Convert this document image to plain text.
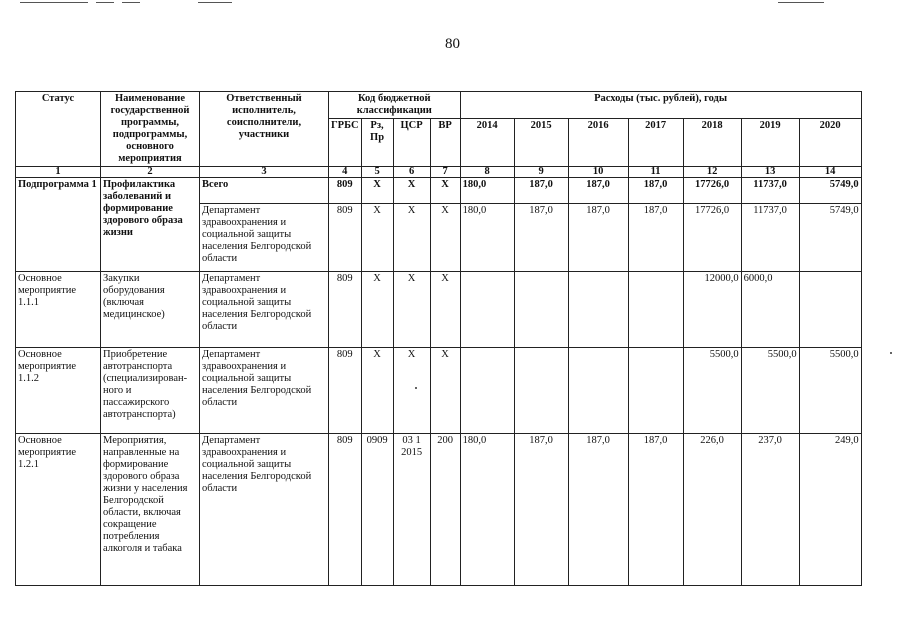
80
Статус	Наименование государственной программы, подпрограммы, основного мероприятия	Ответственный исполнитель, соисполнители, участники	Код бюджетной классификации				Расходы (тыс. рублей), годы						
			ГРБС	Рз, Пр	ЦСР	ВР	2014	2015	2016	2017	2018	2019	2020
1	2	3	4	5	6	7	8	9	10	11	12	13	14
Подпрограмма 1	Профилактика заболеваний и формирование здорового образа жизни	Всего	809	Х	Х	Х	180,0	187,0	187,0	187,0	17726,0	11737,0	5749,0
		Департамент здравоохранения и социальной защиты населения Белгородской области	809	Х	Х	Х	180,0	187,0	187,0	187,0	17726,0	11737,0	5749,0
Основное мероприятие 1.1.1	Закупки оборудования (включая медицинское)	Департамент здравоохранения и социальной защиты населения Белгородской области	809	Х	Х	Х					12000,0	6000,0	
Основное мероприятие 1.1.2	Приобретение автотранспорта (специализирован-ного и пассажирского автотранспорта)	Департамент здравоохранения и социальной защиты населения Белгородской области	809	Х	Х	Х					5500,0	5500,0	5500,0
Основное мероприятие 1.2.1	Мероприятия, направленные на формирование здорового образа жизни у населения Белгородской области, включая сокращение потребления алкоголя и табака	Департамент здравоохранения и социальной защиты населения Белгородской области	809	0909	03 1 2015	200	180,0	187,0	187,0	187,0	226,0	237,0	249,0
